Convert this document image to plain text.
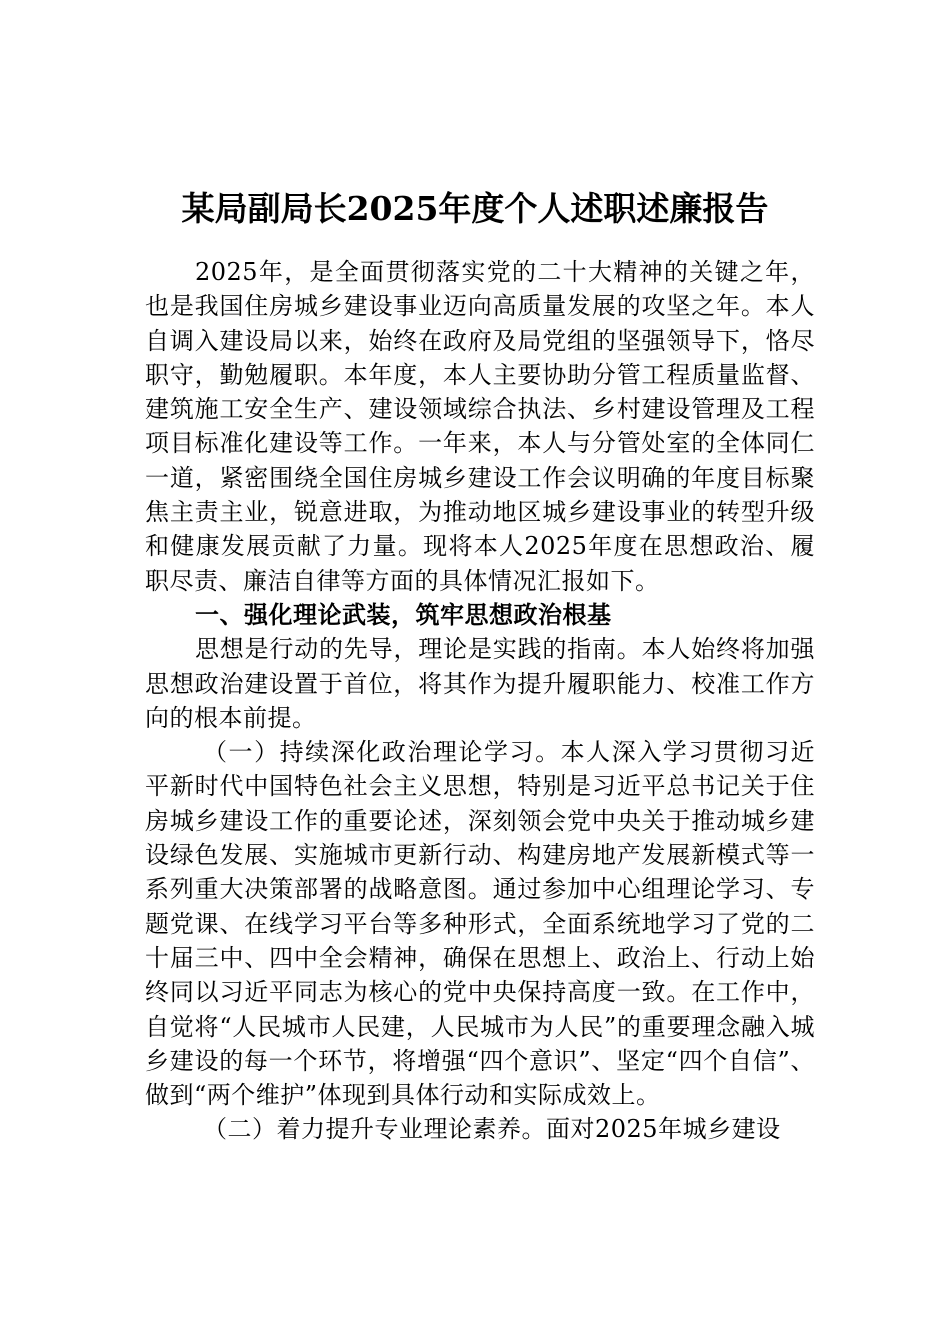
某局副局长2025年度个人述职述廉报告

2025年，是全面贯彻落实党的二十大精神的关键之年，也是我国住房城乡建设事业迈向高质量发展的攻坚之年。本人自调入建设局以来，始终在政府及局党组的坚强领导下，恪尽职守，勤勉履职。本年度，本人主要协助分管工程质量监督、建筑施工安全生产、建设领域综合执法、乡村建设管理及工程项目标准化建设等工作。一年来，本人与分管处室的全体同仁一道，紧密围绕全国住房城乡建设工作会议明确的年度目标聚焦主责主业，锐意进取，为推动地区城乡建设事业的转型升级和健康发展贡献了力量。现将本人2025年度在思想政治、履职尽责、廉洁自律等方面的具体情况汇报如下。

一、强化理论武装，筑牢思想政治根基

思想是行动的先导，理论是实践的指南。本人始终将加强思想政治建设置于首位，将其作为提升履职能力、校准工作方向的根本前提。

（一）持续深化政治理论学习。本人深入学习贯彻习近平新时代中国特色社会主义思想，特别是习近平总书记关于住房城乡建设工作的重要论述，深刻领会党中央关于推动城乡建设绿色发展、实施城市更新行动、构建房地产发展新模式等一系列重大决策部署的战略意图。通过参加中心组理论学习、专题党课、在线学习平台等多种形式，全面系统地学习了党的二十届三中、四中全会精神，确保在思想上、政治上、行动上始终同以习近平同志为核心的党中央保持高度一致。在工作中，自觉将“人民城市人民建，人民城市为人民”的重要理念融入城乡建设的每一个环节，将增强“四个意识”、坚定“四个自信”、做到“两个维护”体现到具体行动和实际成效上。

（二）着力提升专业理论素养。面对2025年城乡建设
